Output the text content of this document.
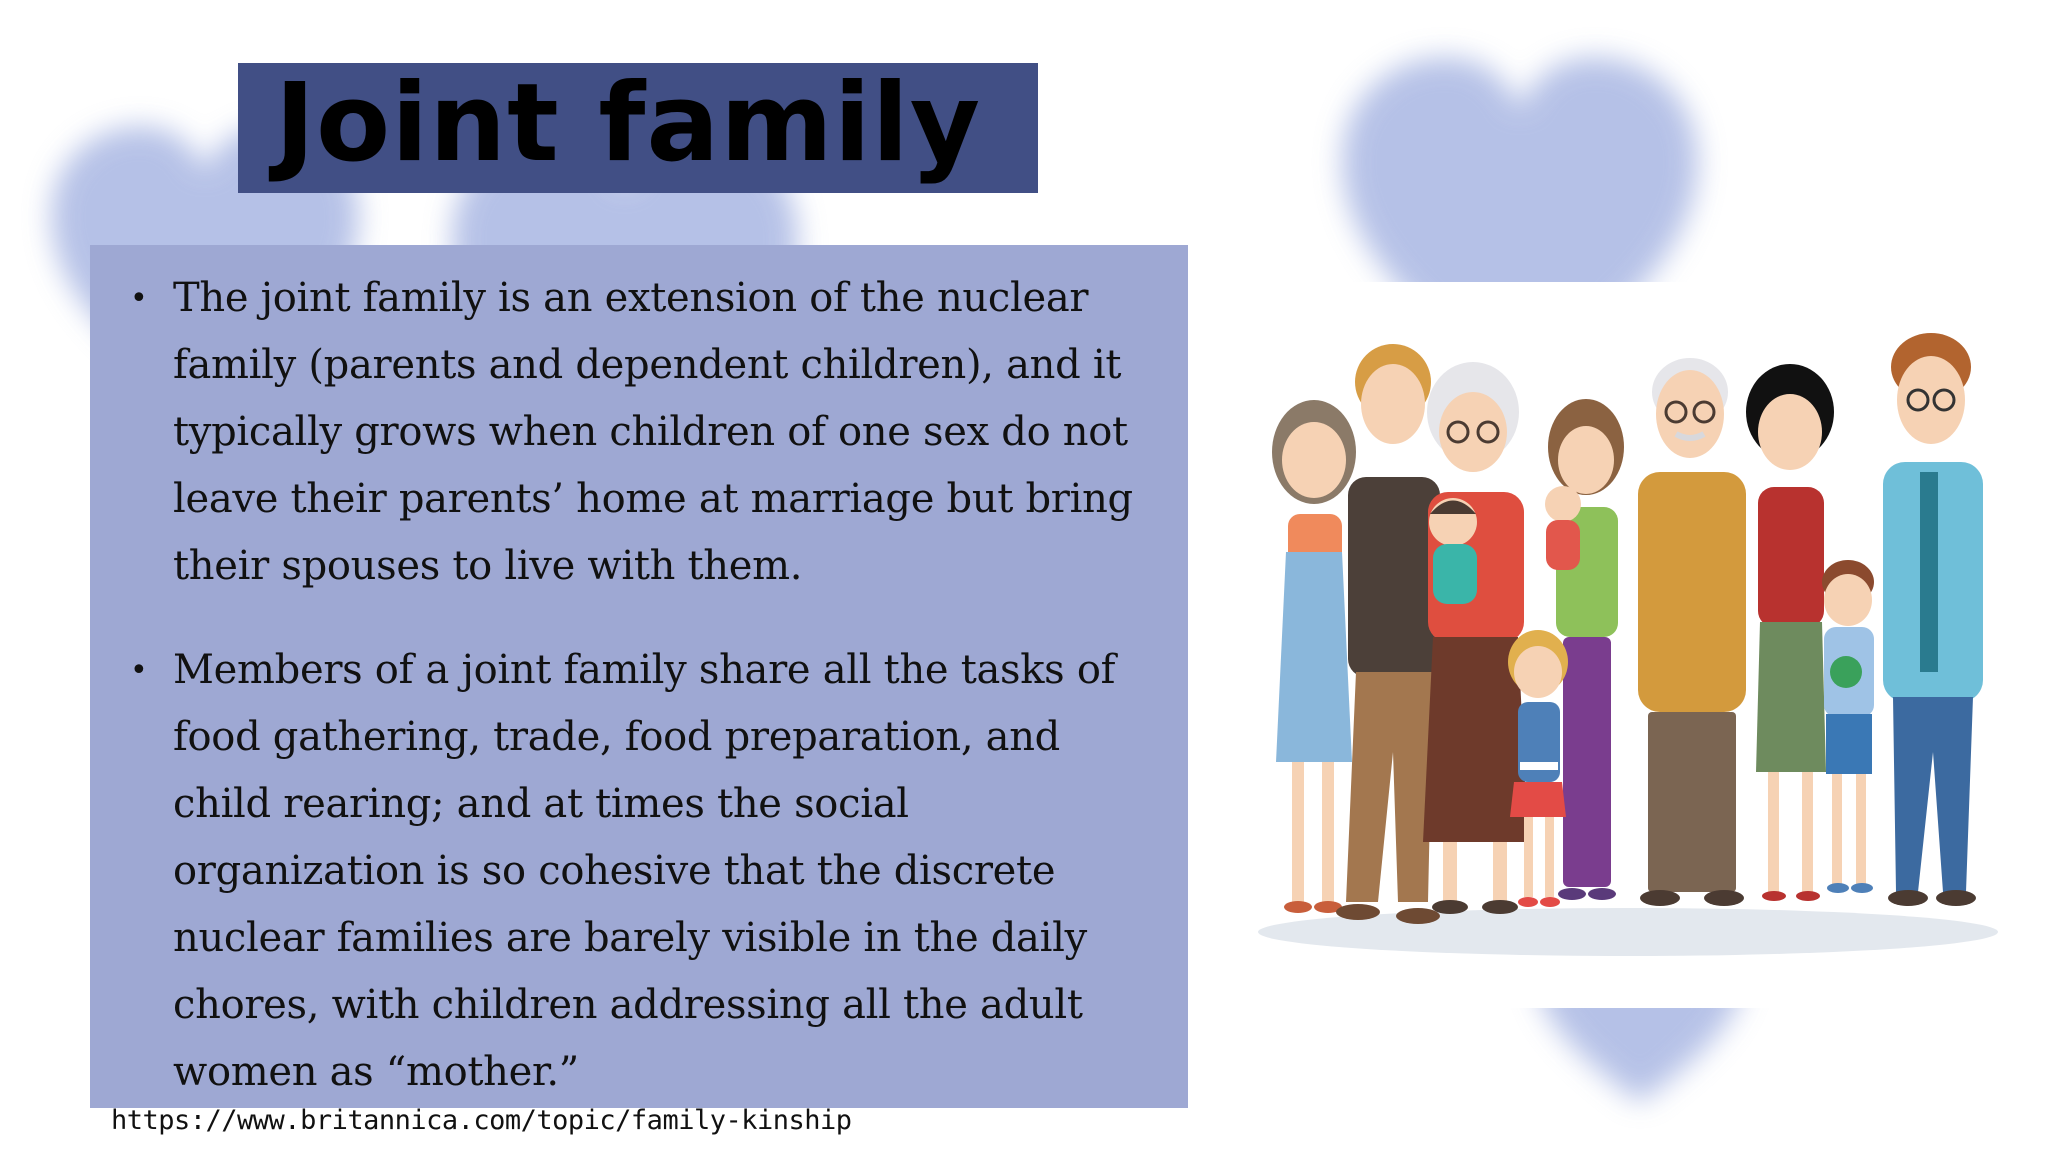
Joint family
The joint family is an extension of the nuclear family (parents and dependent children), and it typically grows when children of one sex do not leave their parents’ home at marriage but bring their spouses to live with them.
Members of a joint family share all the tasks of food gathering, trade, food preparation, and child rearing; and at times the social organization is so cohesive that the discrete nuclear families are barely visible in the daily chores, with children addressing all the adult women as “mother.”
https://www.britannica.com/topic/family-kinship
